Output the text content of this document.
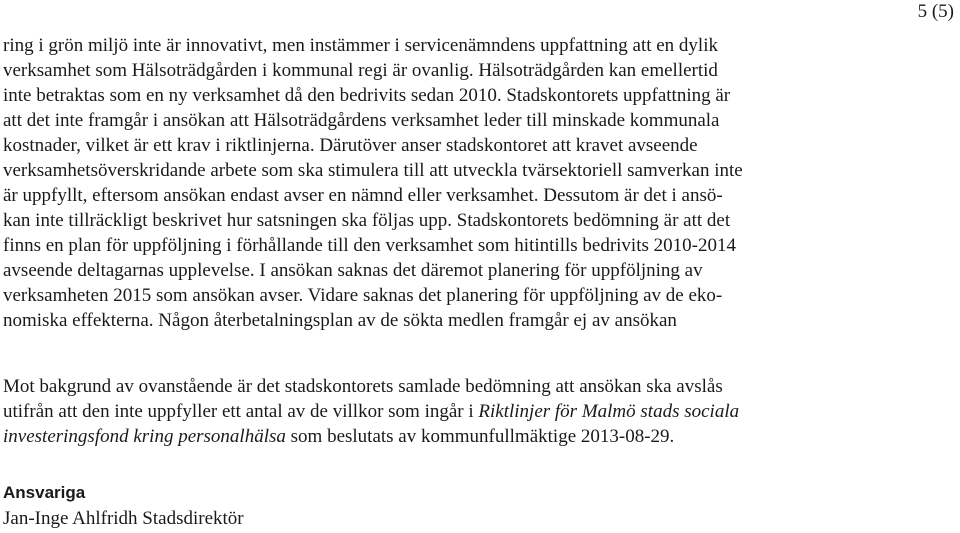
5 (5)
ring i grön miljö inte är innovativt, men instämmer i servicenämndens uppfattning att en dylik
verksamhet som Hälsoträdgården i kommunal regi är ovanlig. Hälsoträdgården kan emellertid
inte betraktas som en ny verksamhet då den bedrivits sedan 2010. Stadskontorets uppfattning är
att det inte framgår i ansökan att Hälsoträdgårdens verksamhet leder till minskade kommunala
kostnader, vilket är ett krav i riktlinjerna. Därutöver anser stadskontoret att kravet avseende
verksamhetsöverskridande arbete som ska stimulera till att utveckla tvärsektoriell samverkan inte
är uppfyllt, eftersom ansökan endast avser en nämnd eller verksamhet. Dessutom är det i ansö-
kan inte tillräckligt beskrivet hur satsningen ska följas upp. Stadskontorets bedömning är att det
finns en plan för uppföljning i förhållande till den verksamhet som hitintills bedrivits 2010-2014
avseende deltagarnas upplevelse. I ansökan saknas det däremot planering för uppföljning av
verksamheten 2015 som ansökan avser. Vidare saknas det planering för uppföljning av de eko-
nomiska effekterna. Någon återbetalningsplan av de sökta medlen framgår ej av ansökan
Mot bakgrund av ovanstående är det stadskontorets samlade bedömning att ansökan ska avslås
utifrån att den inte uppfyller ett antal av de villkor som ingår i Riktlinjer för Malmö stads sociala
investeringsfond kring personalhälsa som beslutats av kommunfullmäktige 2013-08-29.
Ansvariga
Jan-Inge Ahlfridh Stadsdirektör
